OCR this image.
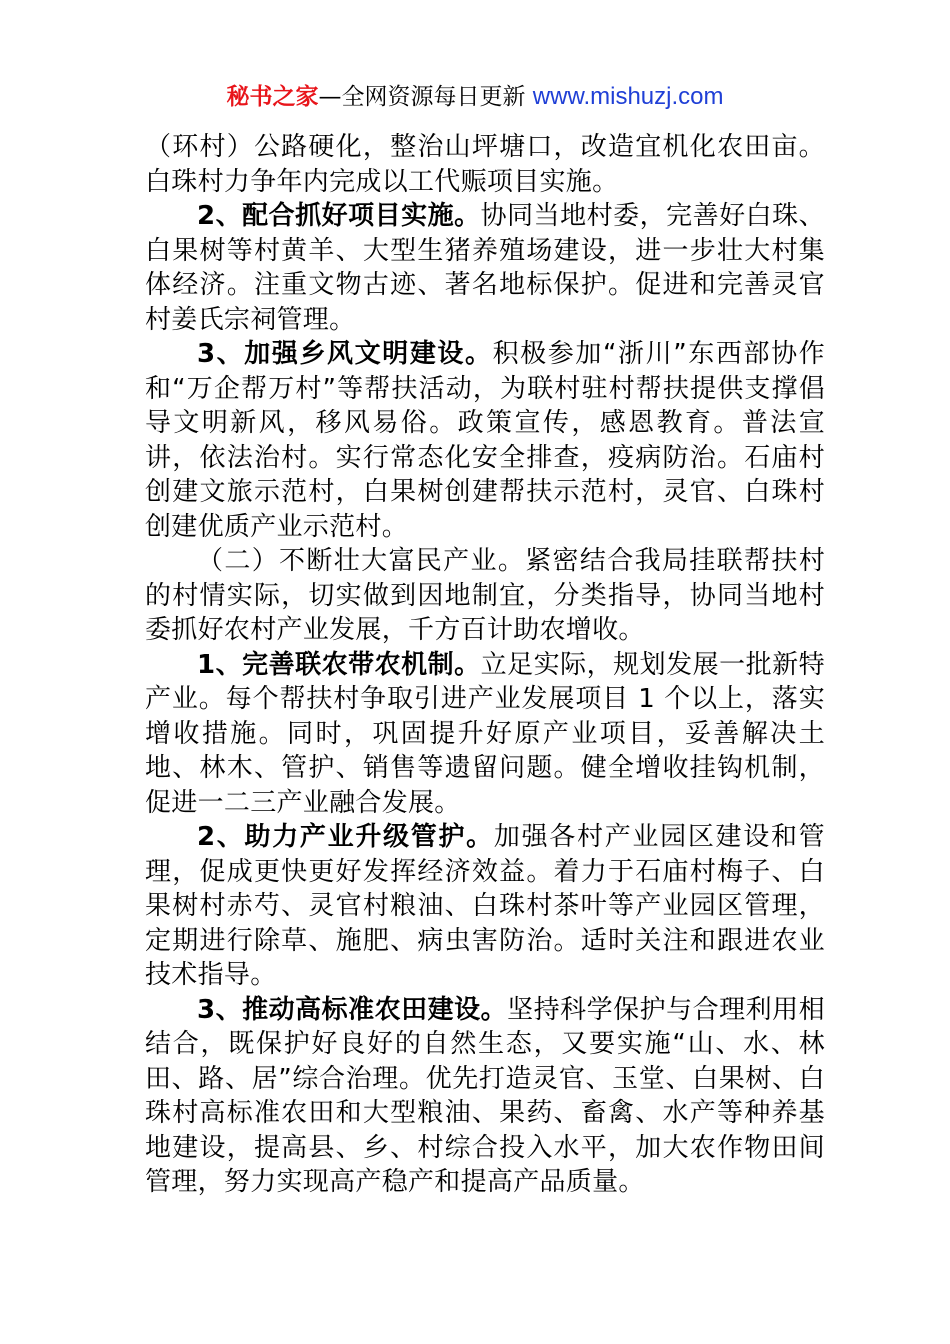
秘书之家—全网资源每日更新 www.mishuzj.com

（环村）公路硬化，整治山坪塘口，改造宜机化农田亩。白珠村力争年内完成以工代赈项目实施。

2、配合抓好项目实施。协同当地村委，完善好白珠、白果树等村黄羊、大型生猪养殖场建设，进一步壮大村集体经济。注重文物古迹、著名地标保护。促进和完善灵官村姜氏宗祠管理。

3、加强乡风文明建设。积极参加“浙川”东西部协作和“万企帮万村”等帮扶活动，为联村驻村帮扶提供支撑倡导文明新风，移风易俗。政策宣传，感恩教育。普法宣讲，依法治村。实行常态化安全排查，疫病防治。石庙村创建文旅示范村，白果树创建帮扶示范村，灵官、白珠村创建优质产业示范村。

（二）不断壮大富民产业。紧密结合我局挂联帮扶村的村情实际，切实做到因地制宜，分类指导，协同当地村委抓好农村产业发展，千方百计助农增收。

1、完善联农带农机制。立足实际，规划发展一批新特产业。每个帮扶村争取引进产业发展项目 1 个以上，落实增收措施。同时，巩固提升好原产业项目，妥善解决土地、林木、管护、销售等遗留问题。健全增收挂钩机制，促进一二三产业融合发展。

2、助力产业升级管护。加强各村产业园区建设和管理，促成更快更好发挥经济效益。着力于石庙村梅子、白果树村赤芍、灵官村粮油、白珠村茶叶等产业园区管理，定期进行除草、施肥、病虫害防治。适时关注和跟进农业技术指导。

3、推动高标准农田建设。坚持科学保护与合理利用相结合，既保护好良好的自然生态，又要实施“山、水、林田、路、居”综合治理。优先打造灵官、玉堂、白果树、白珠村高标准农田和大型粮油、果药、畜禽、水产等种养基地建设，提高县、乡、村综合投入水平，加大农作物田间管理，努力实现高产稳产和提高产品质量。
